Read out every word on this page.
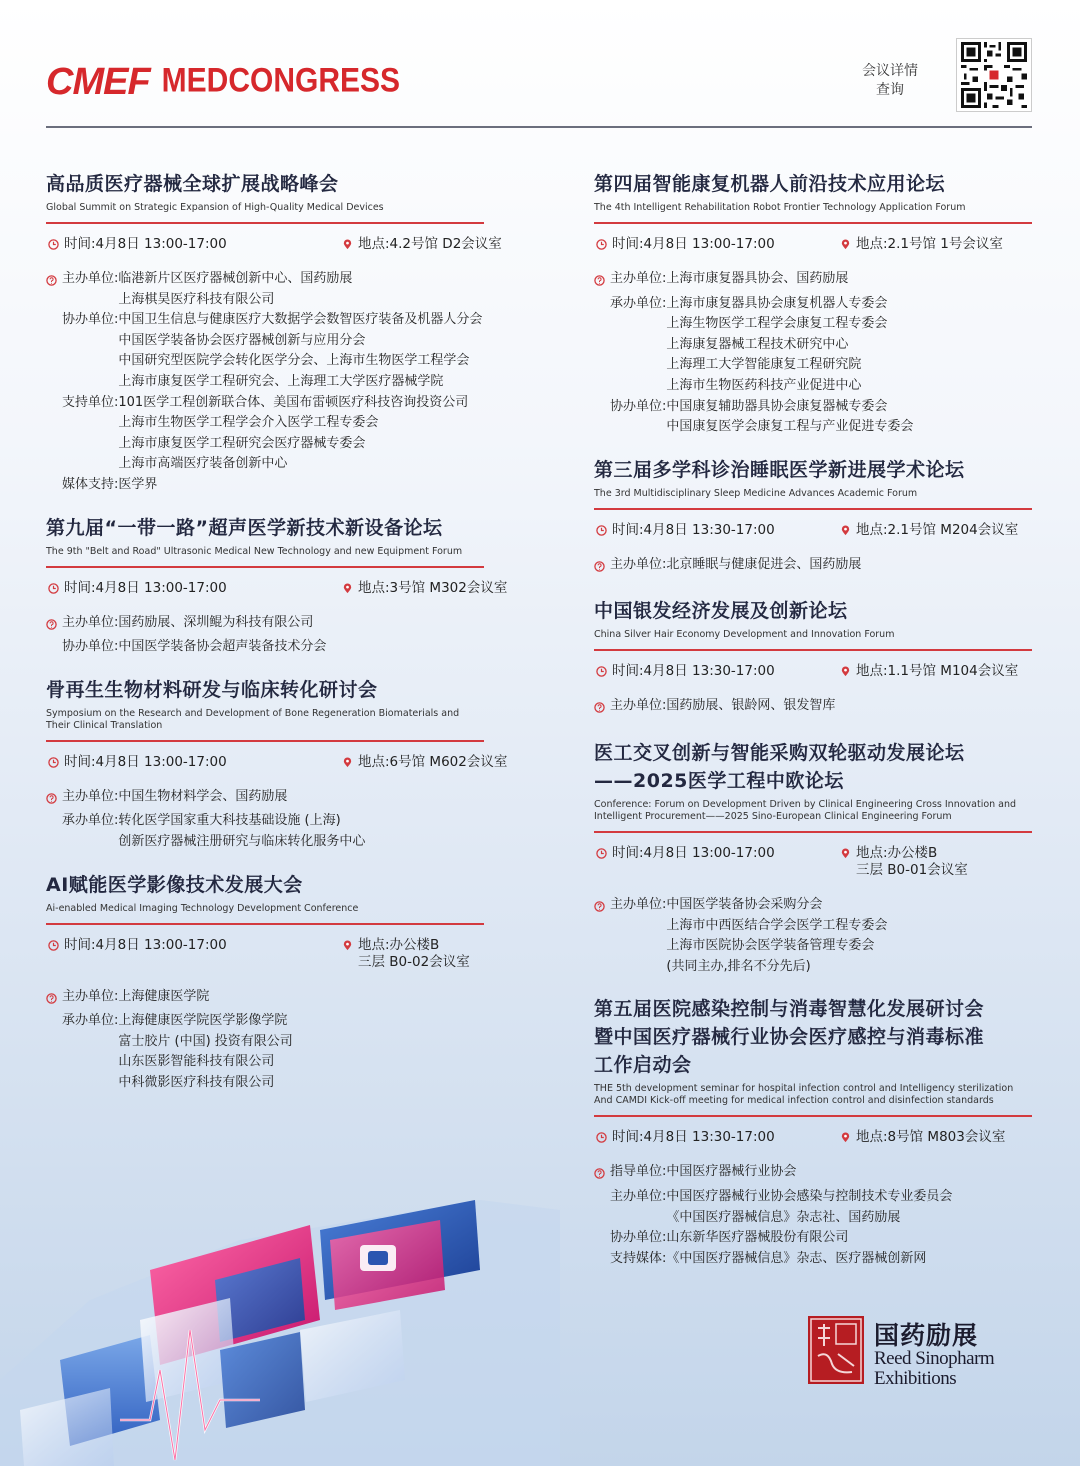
CMEF MEDCONGRESS	会议详情
查询
高品质医疗器械全球扩展战略峰会
Global Summit on Strategic Expansion of High-Quality Medical Devices
时间:4月8日 13:00-17:00	地点:4.2号馆 D2会议室
主办单位: 临港新片区医疗器械创新中心、国药励展
上海棋昊医疗科技有限公司
协办单位: 中国卫生信息与健康医疗大数据学会数智医疗装备及机器人分会
中国医学装备协会医疗器械创新与应用分会
中国研究型医院学会转化医学分会、上海市生物医学工程学会
上海市康复医学工程研究会、上海理工大学医疗器械学院
支持单位: 101医学工程创新联合体、美国布雷顿医疗科技咨询投资公司
上海市生物医学工程学会介入医学工程专委会
上海市康复医学工程研究会医疗器械专委会
上海市高端医疗装备创新中心
媒体支持: 医学界
第九届“一带一路”超声医学新技术新设备论坛
The 9th "Belt and Road" Ultrasonic Medical New Technology and new Equipment Forum
时间:4月8日 13:00-17:00	地点:3号馆 M302会议室
主办单位: 国药励展、深圳鲲为科技有限公司
协办单位: 中国医学装备协会超声装备技术分会
骨再生生物材料研发与临床转化研讨会
Symposium on the Research and Development of Bone Regeneration Biomaterials and
Their Clinical Translation
时间:4月8日 13:00-17:00	地点:6号馆 M602会议室
主办单位: 中国生物材料学会、国药励展
承办单位: 转化医学国家重大科技基础设施 (上海)
创新医疗器械注册研究与临床转化服务中心
AI赋能医学影像技术发展大会
Ai-enabled Medical Imaging Technology Development Conference
时间:4月8日 13:00-17:00	地点:办公楼B
三层 B0-02会议室
主办单位: 上海健康医学院
承办单位: 上海健康医学院医学影像学院
富士胶片 (中国) 投资有限公司
山东医影智能科技有限公司
中科微影医疗科技有限公司
第四届智能康复机器人前沿技术应用论坛
The 4th Intelligent Rehabilitation Robot Frontier Technology Application Forum
时间:4月8日 13:00-17:00	地点:2.1号馆 1号会议室
主办单位: 上海市康复器具协会、国药励展
承办单位: 上海市康复器具协会康复机器人专委会
上海生物医学工程学会康复工程专委会
上海康复器械工程技术研究中心
上海理工大学智能康复工程研究院
上海市生物医药科技产业促进中心
协办单位: 中国康复辅助器具协会康复器械专委会
中国康复医学会康复工程与产业促进专委会
第三届多学科诊治睡眠医学新进展学术论坛
The 3rd Multidisciplinary Sleep Medicine Advances Academic Forum
时间:4月8日 13:30-17:00	地点:2.1号馆 M204会议室
主办单位: 北京睡眠与健康促进会、国药励展
中国银发经济发展及创新论坛
China Silver Hair Economy Development and Innovation Forum
时间:4月8日 13:30-17:00	地点:1.1号馆 M104会议室
主办单位: 国药励展、银龄网、银发智库
医工交叉创新与智能采购双轮驱动发展论坛
——2025医学工程中欧论坛
Conference: Forum on Development Driven by Clinical Engineering Cross Innovation and
Intelligent Procurement——2025 Sino-European Clinical Engineering Forum
时间:4月8日 13:00-17:00	地点:办公楼B
三层 B0-01会议室
主办单位: 中国医学装备协会采购分会
上海市中西医结合学会医学工程专委会
上海市医院协会医学装备管理专委会
(共同主办,排名不分先后)
第五届医院感染控制与消毒智慧化发展研讨会
暨中国医疗器械行业协会医疗感控与消毒标准
工作启动会
THE 5th development seminar for hospital infection control and Intelligency sterilization
And CAMDI Kick-off meeting for medical infection control and disinfection standards
时间:4月8日 13:30-17:00	地点:8号馆 M803会议室
指导单位: 中国医疗器械行业协会
主办单位: 中国医疗器械行业协会感染与控制技术专业委员会
《中国医疗器械信息》杂志社、国药励展
协办单位: 山东新华医疗器械股份有限公司
支持媒体: 《中国医疗器械信息》杂志、医疗器械创新网
国药励展
Reed Sinopharm
Exhibitions
